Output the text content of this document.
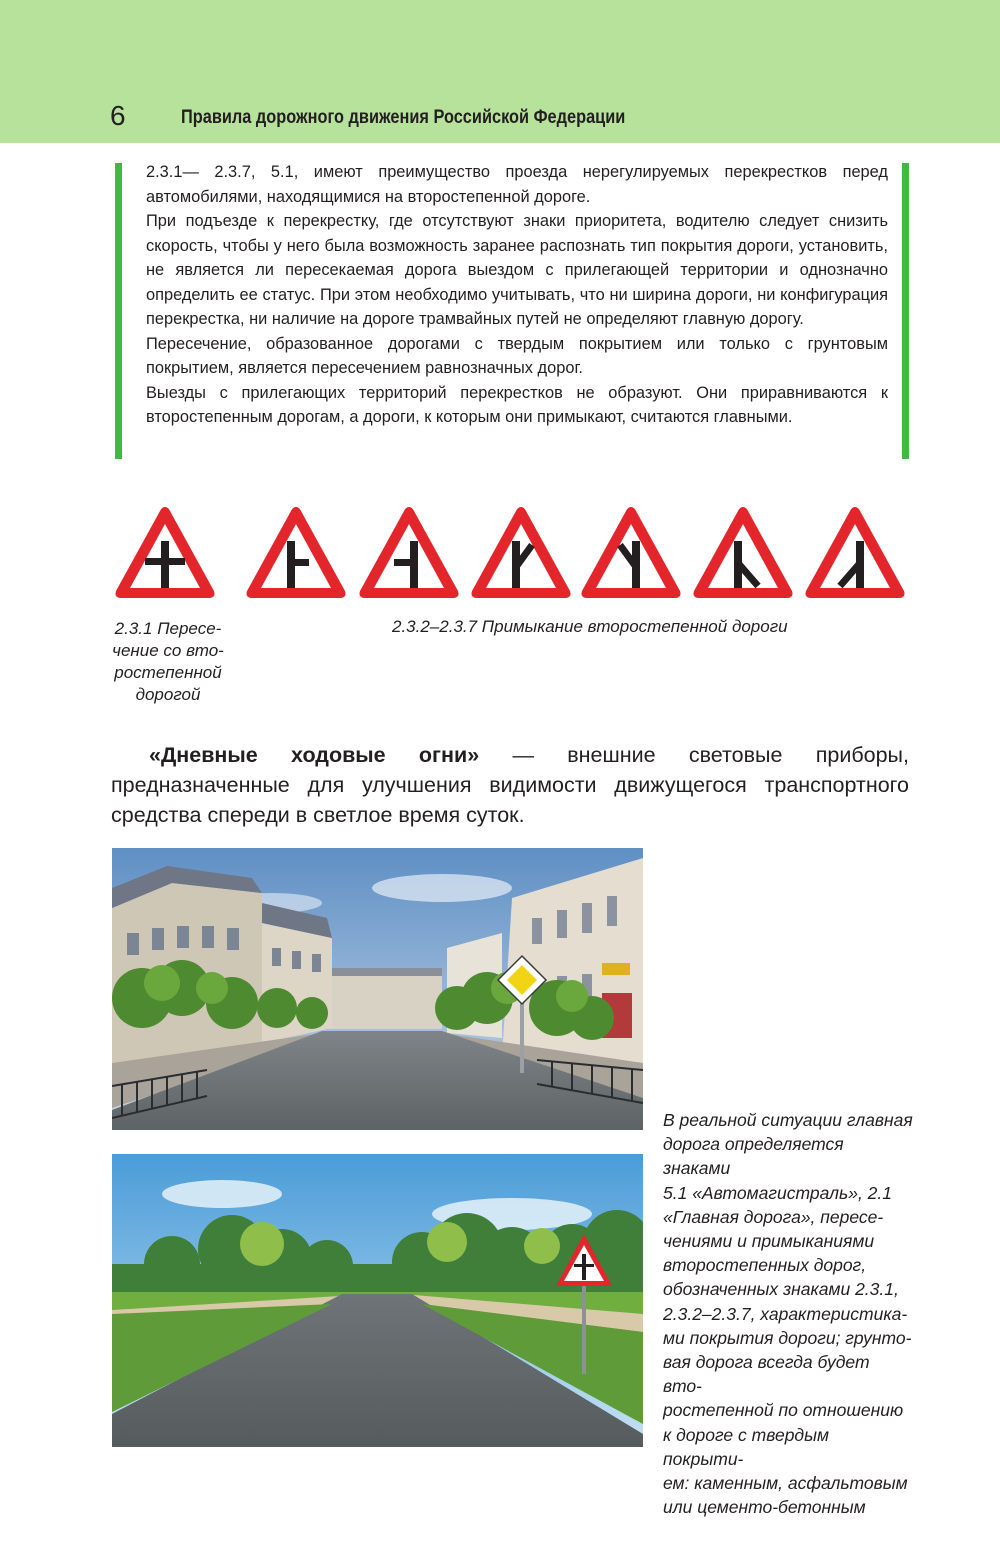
6	Правила дорожного движения Российской Федерации

2.3.1— 2.3.7, 5.1, имеют преимущество проезда нерегулируемых перекрестков перед автомобилями, находящимися на второстепенной дороге.

При подъезде к перекрестку, где отсутствуют знаки приоритета, водителю следует снизить скорость, чтобы у него была возможность заранее распознать тип покрытия дороги, установить, не является ли пересекаемая дорога выездом с прилегающей территории и однозначно определить ее статус. При этом необходимо учитывать, что ни ширина дороги, ни конфигурация перекрестка, ни наличие на дороге трамвайных путей не определяют главную дорогу.

Пересечение, образованное дорогами с твердым покрытием или только с грунтовым покрытием, является пересечением равнозначных дорог.

Выезды с прилегающих территорий перекрестков не образуют. Они приравниваются к второстепенным дорогам, а дороги, к которым они примыкают, считаются главными.

2.3.1 Пересе-
чение со вто-
ростепенной
дорогой
2.3.2–2.3.7 Примыкание второстепенной дороги
«Дневные ходовые огни» — внешние световые приборы, предназначенные для улучшения видимости движущегося транспортного средства спереди в светлое время суток.
В реальной ситуации главная
дорога определяется знаками
5.1 «Автомагистраль», 2.1
«Главная дорога», пересе-
чениями и примыканиями
второстепенных дорог,
обозначенных знаками 2.3.1,
2.3.2–2.3.7, характеристика-
ми покрытия дороги; грунто-
вая дорога всегда будет вто-
ростепенной по отношению
к дороге с твердым покрыти-
ем: каменным, асфальтовым
или цементо-бетонным
